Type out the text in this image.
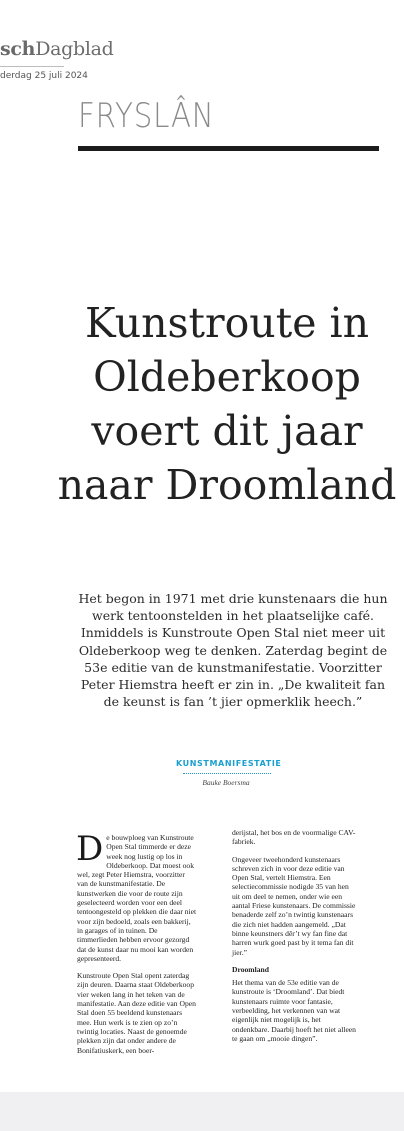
schDagblad
derdag 25 juli 2024
FRYSLÂN
Kunstroute in Oldeberkoop voert dit jaar naar Droomland

Het begon in 1971 met drie kunstenaars die hun werk tentoonstelden in het plaatselijke café. Inmiddels is Kunstroute Open Stal niet meer uit Oldeberkoop weg te denken. Zaterdag begint de 53e editie van de kunstmanifestatie. Voorzitter Peter Hiemstra heeft er zin in. „De kwaliteit fan de keunst is fan ’t jier opmerklik heech.”

KUNSTMANIFESTATIE
Bauke Boersma

De bouwploeg van Kunstroute Open Stal timmerde er deze week nog lustig op los in Oldeberkoop. Dat moest ook wel, zegt Peter Hiemstra, voorzitter van de kunstmanifestatie. De kunstwerken die voor de route zijn geselecteerd worden voor een deel tentoongesteld op plekken die daar niet voor zijn bedoeld, zoals een bakkerij, in garages of in tuinen. De timmerlieden hebben ervoor gezorgd dat de kunst daar nu mooi kan worden gepresenteerd.

Kunstroute Open Stal opent zaterdag zijn deuren. Daarna staat Oldeberkoop vier weken lang in het teken van de manifestatie. Aan deze editie van Open Stal doen 55 beeldend kunstenaars mee. Hun werk is te zien op zo’n twintig locaties. Naast de genoemde plekken zijn dat onder andere de Bonifatiuskerk, een boer-

derijstal, het bos en de voormalige CAV-fabriek.

Ongeveer tweehonderd kunstenaars schreven zich in voor deze editie van Open Stal, vertelt Hiemstra. Een selectiecommissie nodigde 35 van hen uit om deel te nemen, onder wie een aantal Friese kunstenaars. De commissie benaderde zelf zo’n twintig kunstenaars die zich niet hadden aangemeld. „Dat binne keunstners dêr’t wy fan fine dat harren wurk goed past by it tema fan dit jier.”

Droomland

Het thema van de 53e editie van de kunstroute is ‘Droomland’. Dat biedt kunstenaars ruimte voor fantasie, verbeelding, het verkennen van wat eigenlijk niet mogelijk is, het ondenkbare. Daarbij hoeft het niet alleen te gaan om „mooie dingen”.
